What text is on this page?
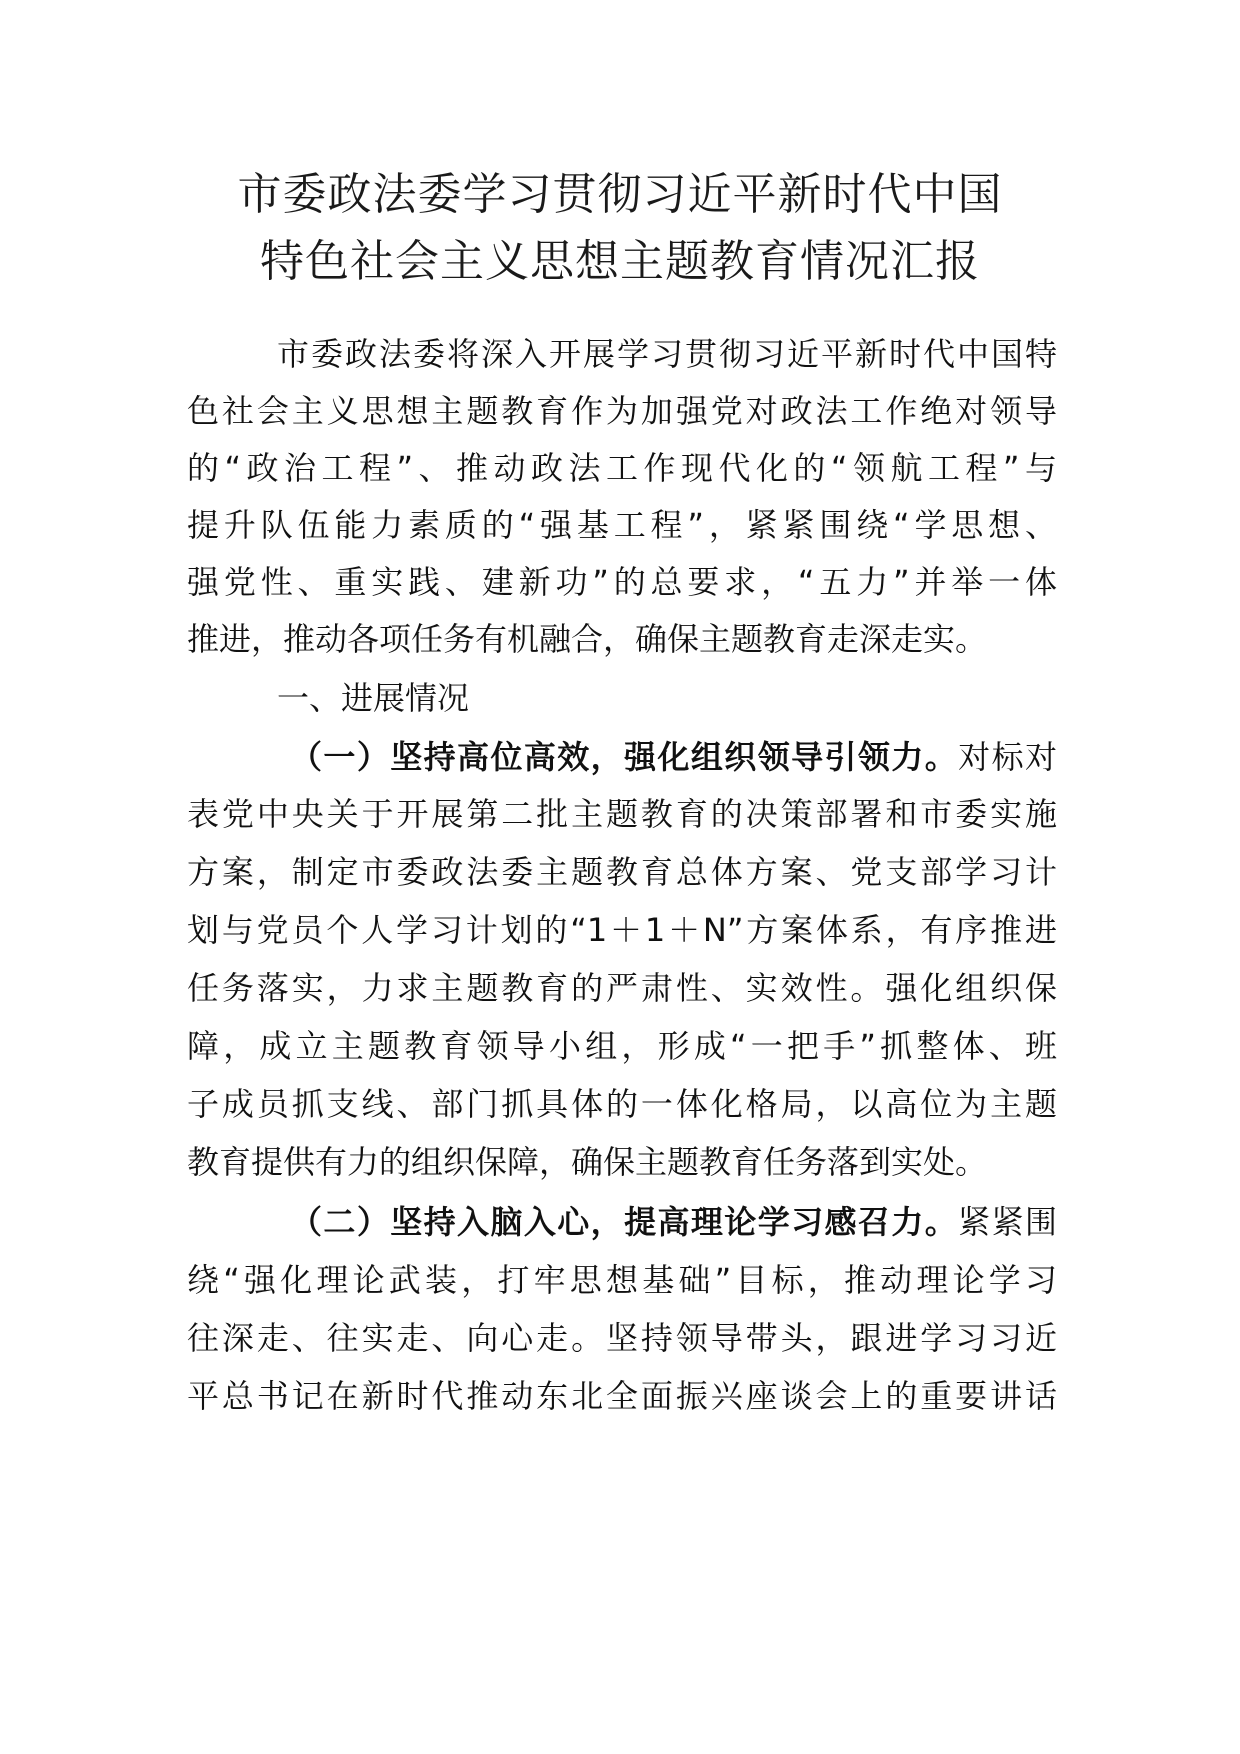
市委政法委学习贯彻习近平新时代中国
特色社会主义思想主题教育情况汇报
市委政法委将深入开展学习贯彻习近平新时代中国特
色社会主义思想主题教育作为加强党对政法工作绝对领导
的“政治工程”、推动政法工作现代化的“领航工程”与
提升队伍能力素质的“强基工程”，紧紧围绕“学思想、
强党性、重实践、建新功”的总要求，“五力”并举一体
推进，推动各项任务有机融合，确保主题教育走深走实。
一、进展情况
（一）坚持高位高效，强化组织领导引领力。对标对
表党中央关于开展第二批主题教育的决策部署和市委实施
方案，制定市委政法委主题教育总体方案、党支部学习计
划与党员个人学习计划的“1＋1＋N”方案体系，有序推进
任务落实，力求主题教育的严肃性、实效性。强化组织保
障，成立主题教育领导小组，形成“一把手”抓整体、班
子成员抓支线、部门抓具体的一体化格局，以高位为主题
教育提供有力的组织保障，确保主题教育任务落到实处。
（二）坚持入脑入心，提高理论学习感召力。紧紧围
绕“强化理论武装，打牢思想基础”目标，推动理论学习
往深走、往实走、向心走。坚持领导带头，跟进学习习近
平总书记在新时代推动东北全面振兴座谈会上的重要讲话
